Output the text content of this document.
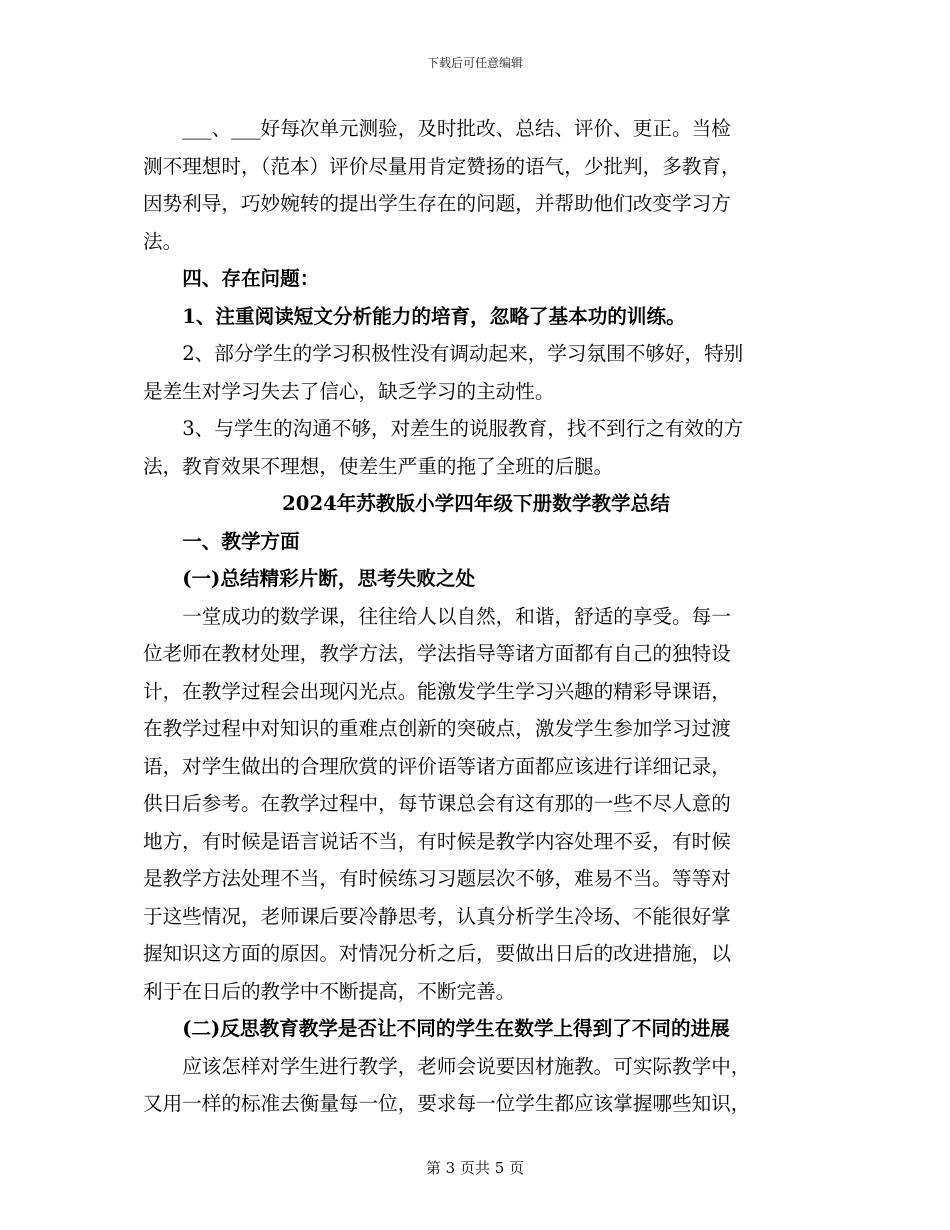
下载后可任意编辑

___、___好每次单元测验，及时批改、总结、评价、更正。当检

测不理想时，（范本）评价尽量用肯定赞扬的语气，少批判，多教育，

因势利导，巧妙婉转的提出学生存在的问题，并帮助他们改变学习方

法。

四、存在问题：

1、注重阅读短文分析能力的培育，忽略了基本功的训练。

2、部分学生的学习积极性没有调动起来，学习氛围不够好，特别

是差生对学习失去了信心，缺乏学习的主动性。

3、与学生的沟通不够，对差生的说服教育，找不到行之有效的方

法，教育效果不理想，使差生严重的拖了全班的后腿。

2024年苏教版小学四年级下册数学教学总结

一、教学方面

(一)总结精彩片断，思考失败之处

一堂成功的数学课，往往给人以自然，和谐，舒适的享受。每一

位老师在教材处理，教学方法，学法指导等诸方面都有自己的独特设

计，在教学过程会出现闪光点。能激发学生学习兴趣的精彩导课语，

在教学过程中对知识的重难点创新的突破点，激发学生参加学习过渡

语，对学生做出的合理欣赏的评价语等诸方面都应该进行详细记录，

供日后参考。在教学过程中，每节课总会有这有那的一些不尽人意的

地方，有时候是语言说话不当，有时候是教学内容处理不妥，有时候

是教学方法处理不当，有时候练习习题层次不够，难易不当。等等对

于这些情况，老师课后要冷静思考，认真分析学生冷场、不能很好掌

握知识这方面的原因。对情况分析之后，要做出日后的改进措施，以

利于在日后的教学中不断提高，不断完善。

(二)反思教育教学是否让不同的学生在数学上得到了不同的进展

应该怎样对学生进行教学，老师会说要因材施教。可实际教学中，

又用一样的标准去衡量每一位，要求每一位学生都应该掌握哪些知识，

第 3 页共 5 页
